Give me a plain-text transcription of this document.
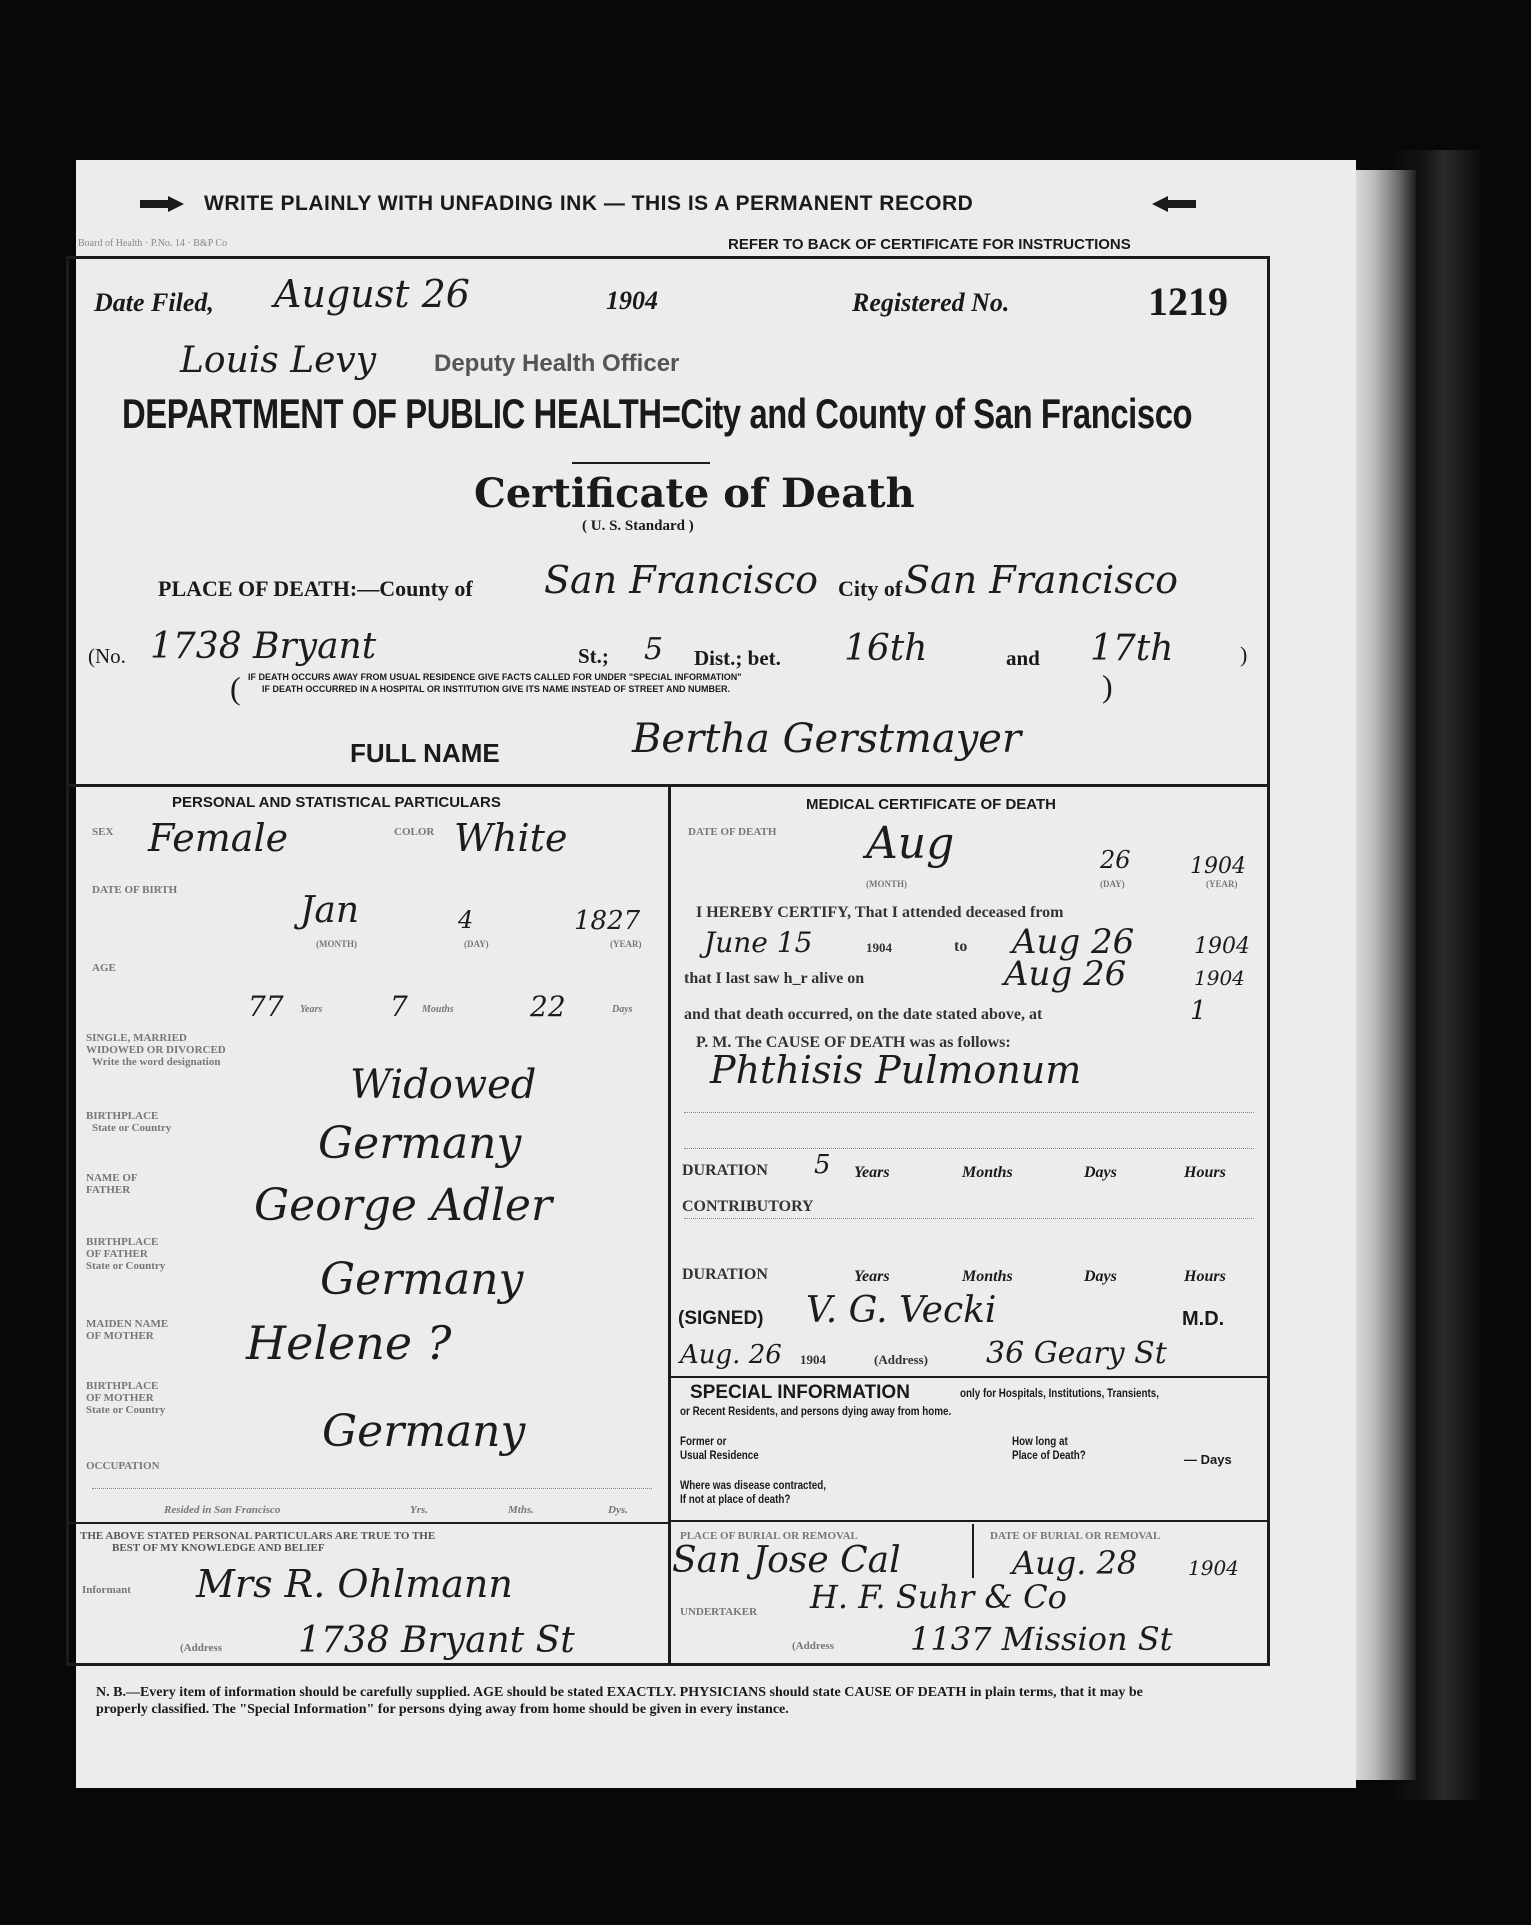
WRITE PLAINLY WITH UNFADING INK — THIS IS A PERMANENT RECORD
Board of Health · P.No. 14 · B&P Co	REFER TO BACK OF CERTIFICATE FOR INSTRUCTIONS
Date Filed, August 26	1904	Registered No.	1219
Louis Levy Deputy Health Officer
DEPARTMENT OF PUBLIC HEALTH=City and County of San Francisco
Certificate of Death
( U. S. Standard )
PLACE OF DEATH:—County of San Francisco City of San Francisco
(No. 1738 Bryant	St.; 5 Dist.; bet. 16th	and 17th	)
( IF DEATH OCCURS AWAY FROM USUAL RESIDENCE GIVE FACTS CALLED FOR UNDER "SPECIAL INFORMATION"
IF DEATH OCCURRED IN A HOSPITAL OR INSTITUTION GIVE ITS NAME INSTEAD OF STREET AND NUMBER.	)
FULL NAME	Bertha Gerstmayer
PERSONAL AND STATISTICAL PARTICULARS
SEX Female	COLOR White
DATE OF BIRTH	Jan	4	1827
(MONTH)	(DAY)	(YEAR)
AGE
77 Years 7 Mouths	22	Days
SINGLE, MARRIED
WIDOWED OR DIVORCED
Write the word designation	Widowed
BIRTHPLACE
State or Country	Germany
NAME OF
FATHER	George Adler
BIRTHPLACE
OF FATHER
State or Country	Germany
MAIDEN NAME
OF MOTHER Helene ?
BIRTHPLACE
OF MOTHER
State or Country	Germany
OCCUPATION
Resided in San Francisco	Yrs.	Mths.	Dys.
THE ABOVE STATED PERSONAL PARTICULARS ARE TRUE TO THE
BEST OF MY KNOWLEDGE AND BELIEF
Informant Mrs R. Ohlmann
(Address 1738 Bryant St
MEDICAL CERTIFICATE OF DEATH
DATE OF DEATH Aug	26	1904
(MONTH)	(DAY)	(YEAR)
I HEREBY CERTIFY, That I attended deceased from
June 15	1904	to Aug 26	1904
that I last saw h_r alive on	Aug 26	1904
and that death occurred, on the date stated above, at	1
P. M. The CAUSE OF DEATH was as follows:
Phthisis Pulmonum
DURATION 5 Years	Months	Days	Hours
CONTRIBUTORY
DURATION	Years	Months	Days	Hours
(SIGNED) V. G. Vecki	M.D.
Aug. 26 1904	(Address) 36 Geary St
SPECIAL INFORMATION	only for Hospitals, Institutions, Transients,
or Recent Residents, and persons dying away from home.
Former or
Usual Residence
How long at
Place of Death?	— Days
Where was disease contracted,
If not at place of death?
PLACE OF BURIAL OR REMOVAL
San Jose Cal
DATE OF BURIAL OR REMOVAL
Aug. 28	1904
UNDERTAKER H. F. Suhr & Co
(Address 1137 Mission St
N. B.—Every item of information should be carefully supplied. AGE should be stated EXACTLY. PHYSICIANS should state CAUSE OF DEATH in plain terms, that it may be properly classified. The "Special Information" for persons dying away from home should be given in every instance.
